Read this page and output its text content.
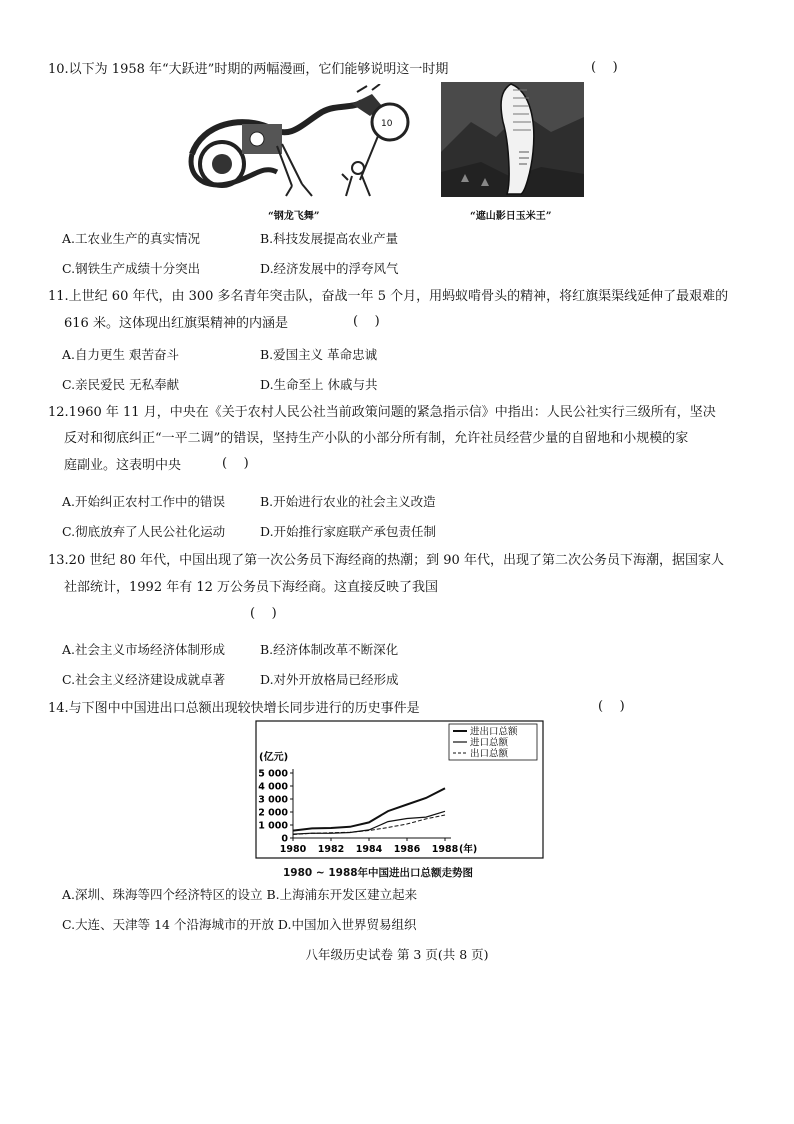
10.以下为 1958 年“大跃进”时期的两幅漫画，它们能够说明这一时期	(    )
10
“钢龙飞舞”	“遮山影日玉米王”
A.工农业生产的真实情况	B.科技发展提高农业产量
C.钢铁生产成绩十分突出	D.经济发展中的浮夸风气
11.上世纪 60 年代，由 300 多名青年突击队，奋战一年 5 个月，用蚂蚁啃骨头的精神，将红旗渠渠线延伸了最艰难的
616 米。这体现出红旗渠精神的内涵是	(    )
A.自力更生 艰苦奋斗	B.爱国主义 革命忠诚
C.亲民爱民 无私奉献	D.生命至上 休戚与共
12.1960 年 11 月，中央在《关于农村人民公社当前政策问题的紧急指示信》中指出：人民公社实行三级所有，坚决
反对和彻底纠正“一平二调”的错误，坚持生产小队的小部分所有制，允许社员经营少量的自留地和小规模的家
庭副业。这表明中央	(    )
A.开始纠正农村工作中的错误	B.开始进行农业的社会主义改造
C.彻底放弃了人民公社化运动	D.开始推行家庭联产承包责任制
13.20 世纪 80 年代，中国出现了第一次公务员下海经商的热潮；到 90 年代，出现了第二次公务员下海潮，据国家人
社部统计，1992 年有 12 万公务员下海经商。这直接反映了我国
(    )
A.社会主义市场经济体制形成	B.经济体制改革不断深化
C.社会主义经济建设成就卓著	D.对外开放格局已经形成
14.与下图中中国进出口总额出现较快增长同步进行的历史事件是	(    )
进出口总额
进口总额
出口总额
(亿元)
5 000
4 000
3 000
2 000
1 000
0
1980 1982 1984 1986 1988 (年)
1980 ~ 1988年中国进出口总额走势图
A.深圳、珠海等四个经济特区的设立 B.上海浦东开发区建立起来
C.大连、天津等 14 个沿海城市的开放 D.中国加入世界贸易组织
八年级历史试卷 第 3 页(共 8 页)
